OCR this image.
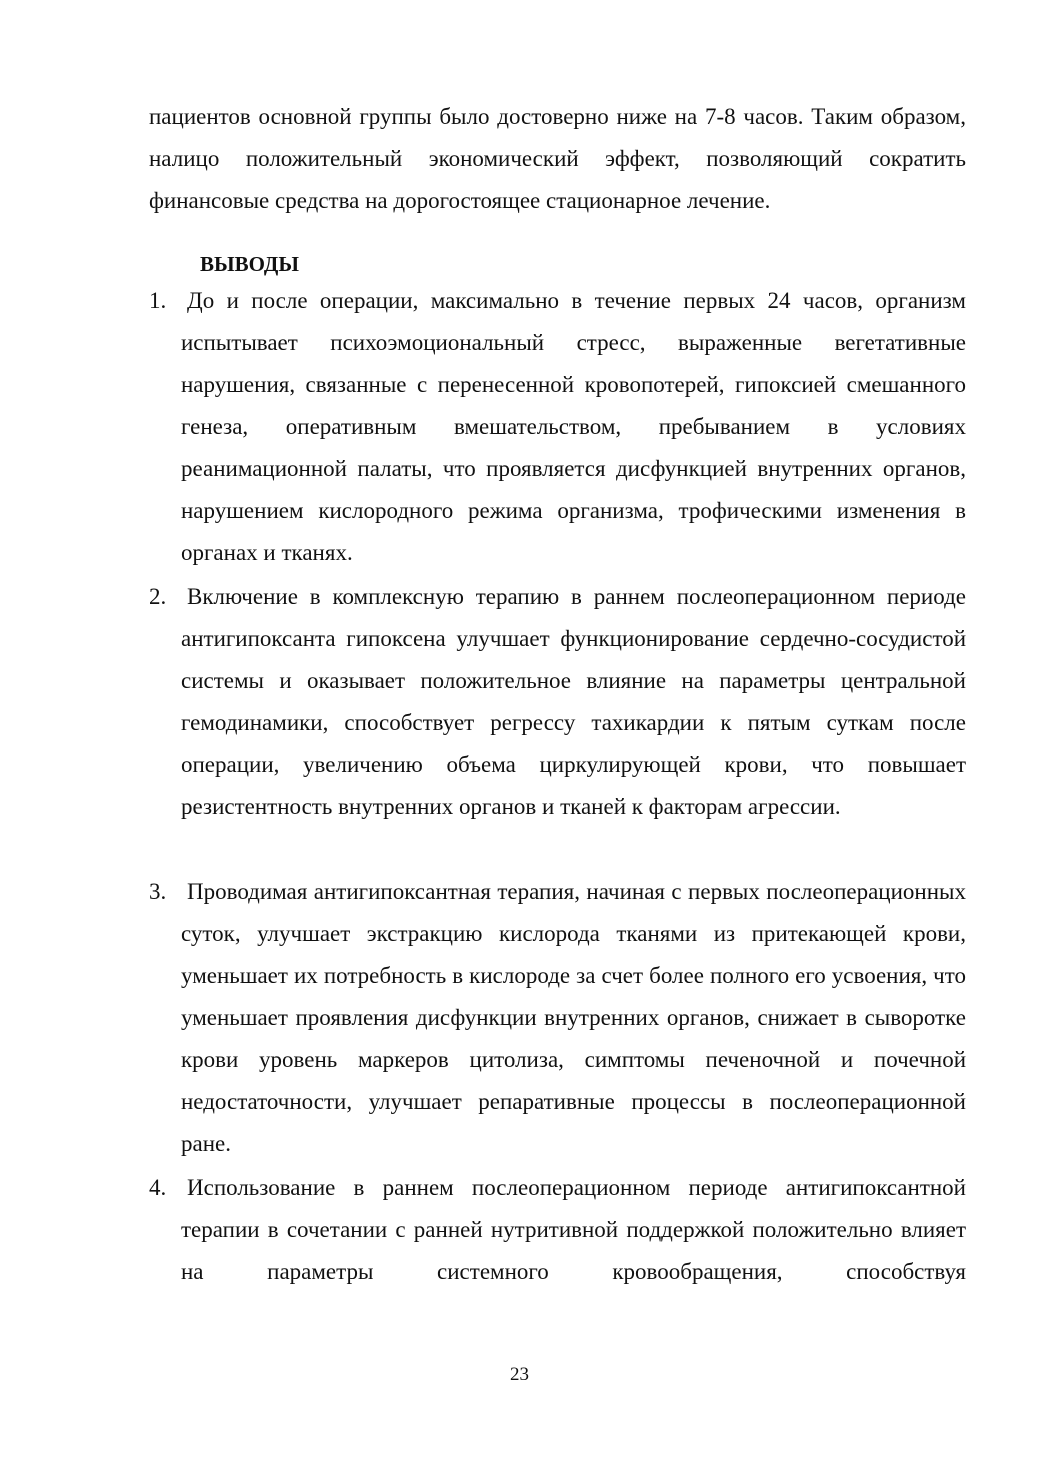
пациентов основной группы было достоверно ниже на 7-8 часов. Таким образом, налицо положительный экономический эффект, позволяющий сократить финансовые средства на дорогостоящее стационарное лечение.

ВЫВОДЫ

1. До и после операции, максимально в течение первых 24 часов, организм испытывает психоэмоциональный стресс, выраженные вегетативные нарушения, связанные с перенесенной кровопотерей, гипоксией смешанного генеза, оперативным вмешательством, пребыванием в условиях реанимационной палаты, что проявляется дисфункцией внутренних органов, нарушением кислородного режима организма, трофическими изменения в органах и тканях.

2. Включение в комплексную терапию в раннем послеоперационном периоде антигипоксанта гипоксена улучшает функционирование сердечно-сосудистой системы и оказывает положительное влияние на параметры центральной гемодинамики, способствует регрессу тахикардии к пятым суткам после операции, увеличению объема циркулирующей крови, что повышает резистентность внутренних органов и тканей к факторам агрессии.

3. Проводимая антигипоксантная терапия, начиная с первых послеоперационных суток, улучшает экстракцию кислорода тканями из притекающей крови, уменьшает их потребность в кислороде за счет более полного его усвоения, что уменьшает проявления дисфункции внутренних органов, снижает в сыворотке крови уровень маркеров цитолиза, симптомы печеночной и почечной недостаточности, улучшает репаративные процессы в послеоперационной ране.

4. Использование в раннем послеоперационном периоде антигипоксантной терапии в сочетании с ранней нутритивной поддержкой положительно влияет на параметры системного кровообращения, способствуя

23
